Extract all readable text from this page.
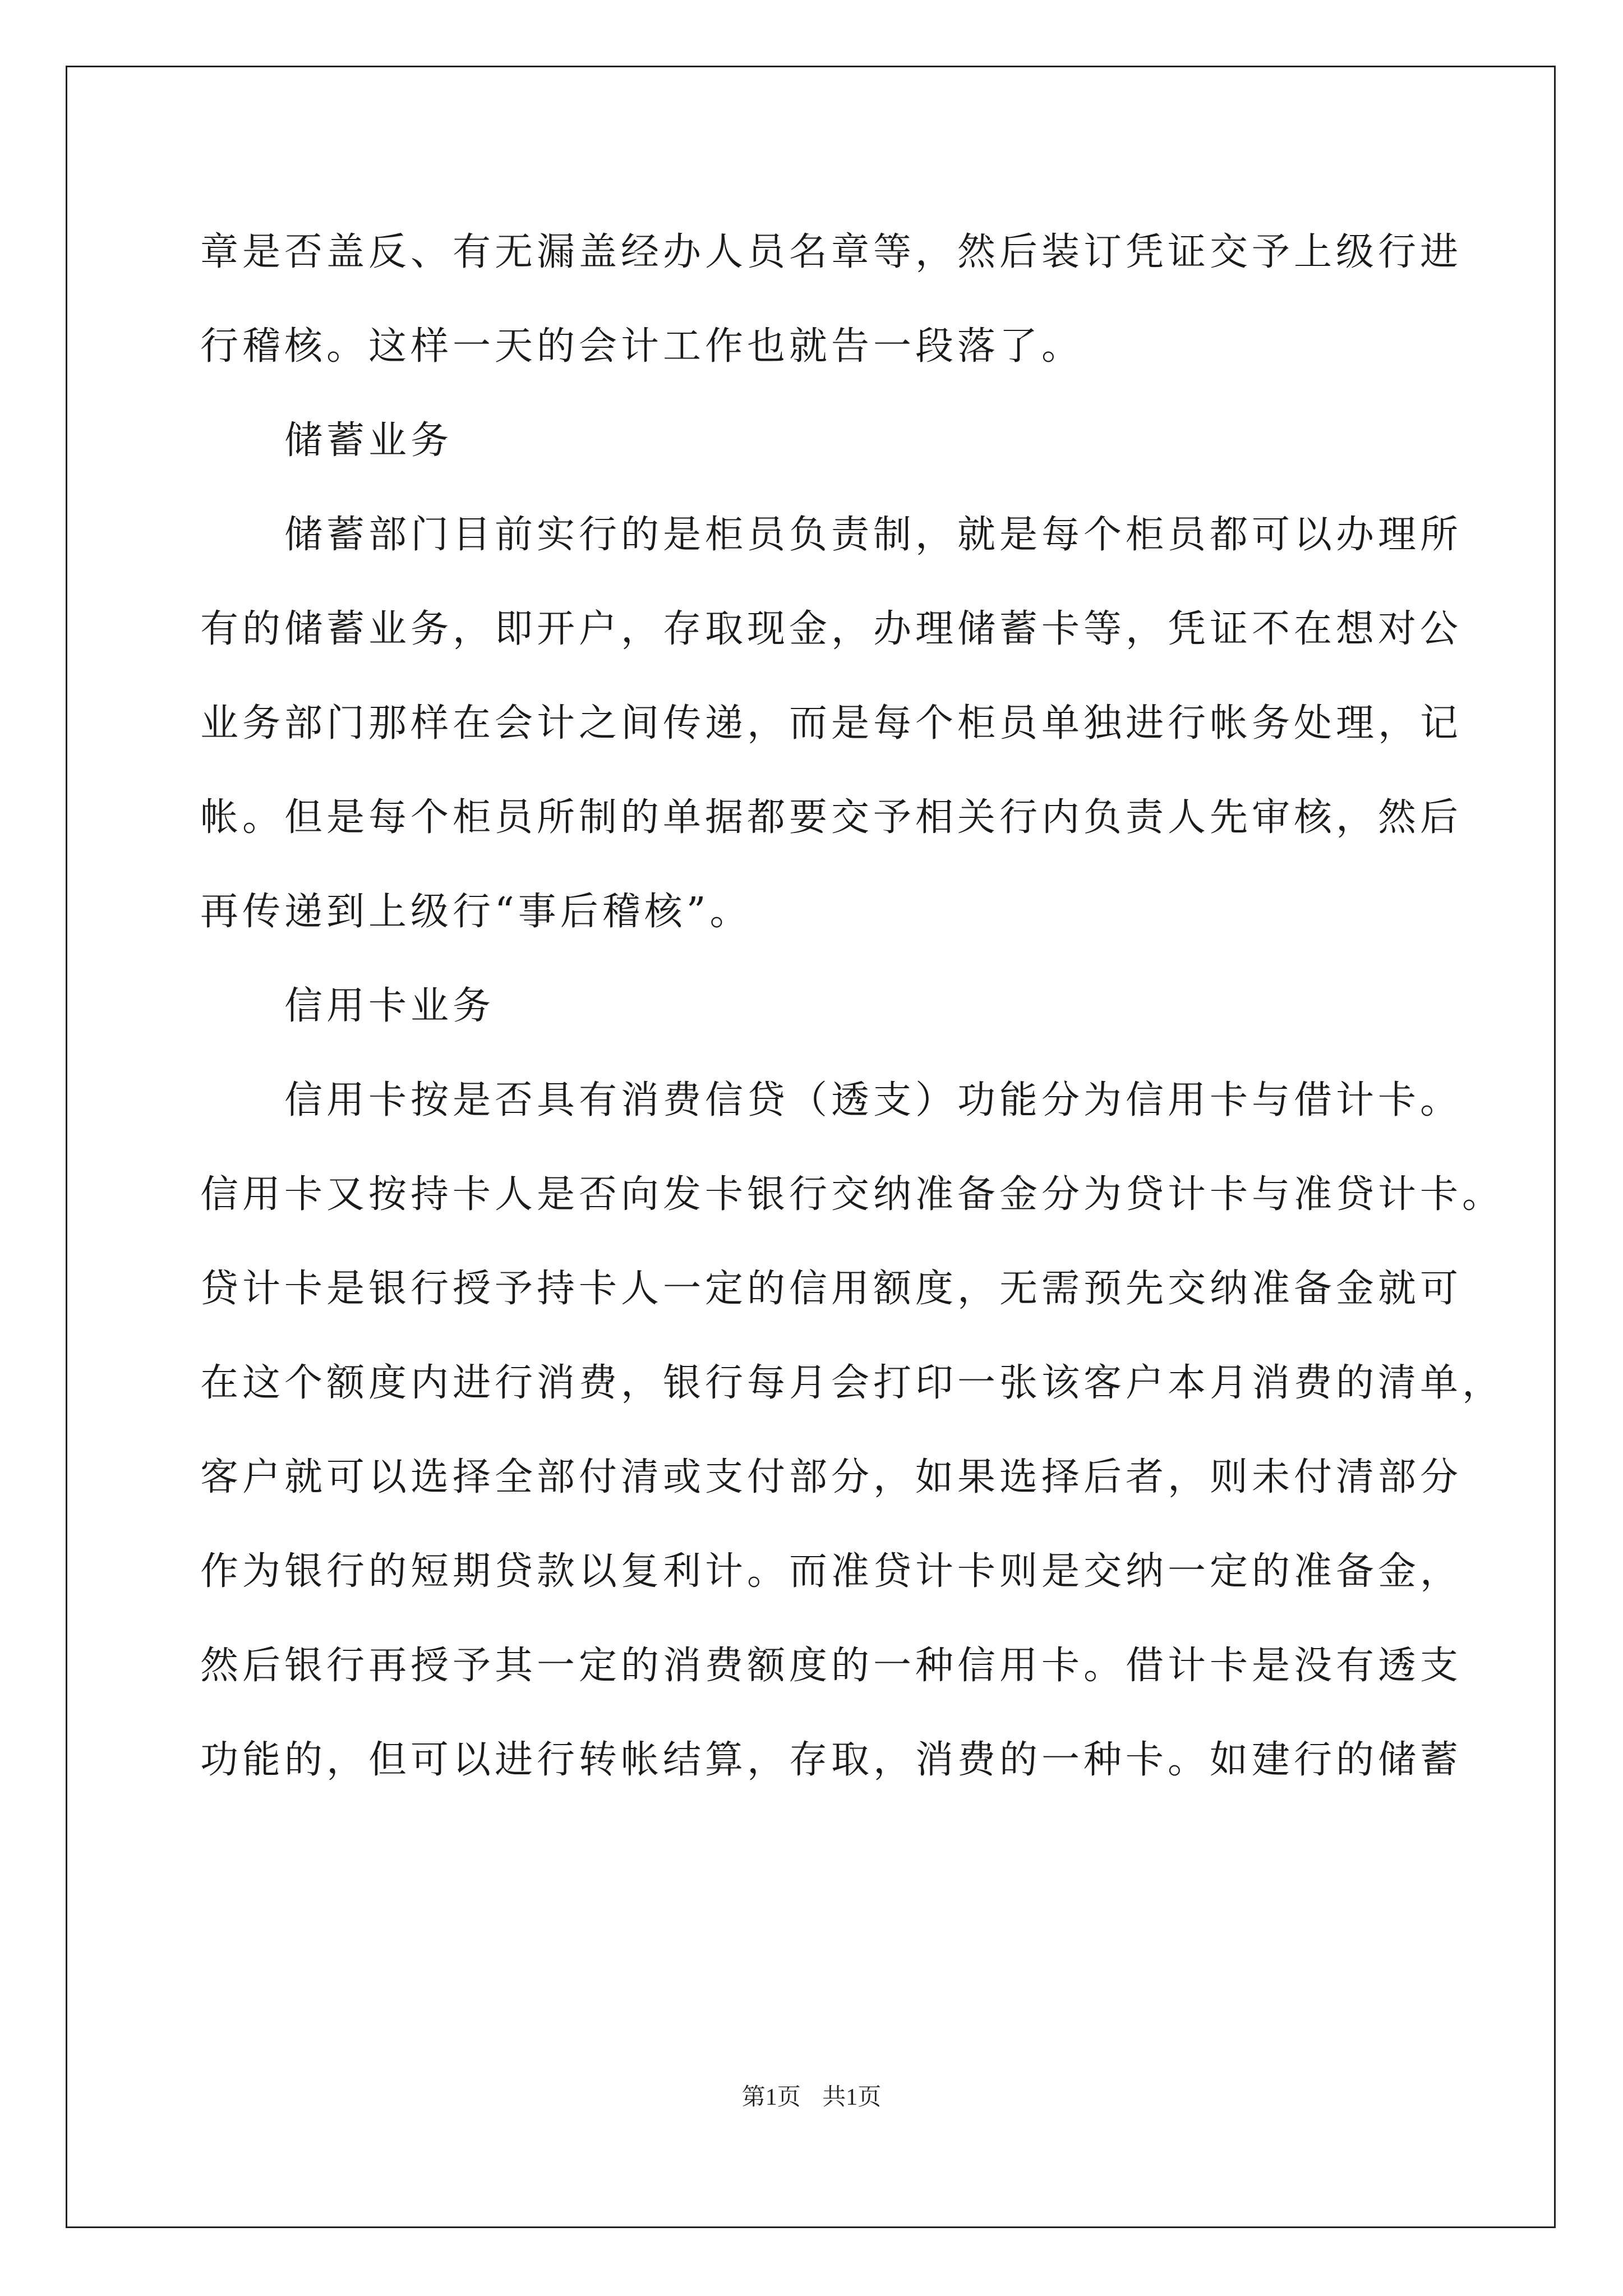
章是否盖反、有无漏盖经办人员名章等，然后装订凭证交予上级行进
行稽核。这样一天的会计工作也就告一段落了。
储蓄业务
储蓄部门目前实行的是柜员负责制，就是每个柜员都可以办理所
有的储蓄业务，即开户，存取现金，办理储蓄卡等，凭证不在想对公
业务部门那样在会计之间传递，而是每个柜员单独进行帐务处理，记
帐。但是每个柜员所制的单据都要交予相关行内负责人先审核，然后
再传递到上级行“事后稽核”。
信用卡业务
信用卡按是否具有消费信贷（透支）功能分为信用卡与借计卡。
信用卡又按持卡人是否向发卡银行交纳准备金分为贷计卡与准贷计卡。
贷计卡是银行授予持卡人一定的信用额度，无需预先交纳准备金就可
在这个额度内进行消费，银行每月会打印一张该客户本月消费的清单，
客户就可以选择全部付清或支付部分，如果选择后者，则未付清部分
作为银行的短期贷款以复利计。而准贷计卡则是交纳一定的准备金，
然后银行再授予其一定的消费额度的一种信用卡。借计卡是没有透支
功能的，但可以进行转帐结算，存取，消费的一种卡。如建行的储蓄
第1页 共1页
